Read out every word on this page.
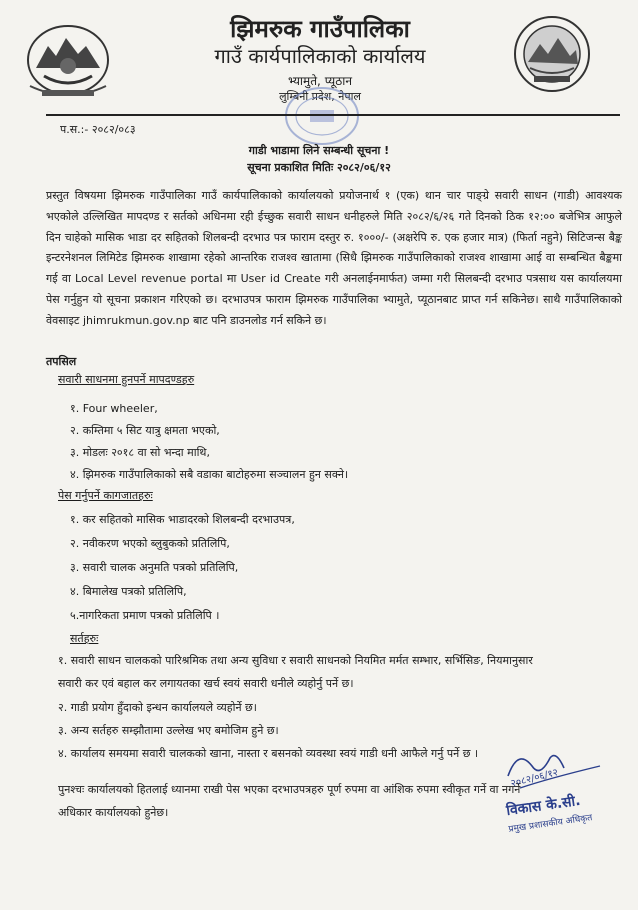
झिमरुक गाउँपालिका
गाउँ कार्यपालिकाको कार्यालय
भ्यामुते, प्यूठान
लुम्बिनी प्रदेश, नेपाल
प.स.:- २०८२/०८३
गाडी भाडामा लिने सम्बन्धी सूचना !
सूचना प्रकाशित मितिः २०८२/०६/१२
प्रस्तुत विषयमा झिमरुक गाउँपालिका गाउँ कार्यपालिकाको कार्यालयको प्रयोजनार्थ १ (एक) थान चार पाङ्ग्रे सवारी साधन (गाडी) आवश्यक भएकोले उल्लिखित मापदण्ड र सर्तको अधिनमा रही ईच्छुक सवारी साधन धनीहरुले मिति २०८२/६/२६ गते दिनको ठिक १२:०० बजेभित्र आफुले दिन चाहेको मासिक भाडा दर सहितको शिलबन्दी दरभाउ पत्र फाराम दस्तुर रु. १०००/- (अक्षरेपि रु. एक हजार मात्र) (फिर्ता नहुने) सिटिजन्स बैङ्क इन्टरनेशनल लिमिटेड झिमरुक शाखामा रहेको आन्तरिक राजश्व खातामा (सिधै झिमरुक गाउँपालिकाको राजश्व शाखामा आई वा सम्बन्धित बैङ्कमा गई वा Local Level revenue portal मा User id Create गरी अनलाईनमार्फत) जम्मा गरी सिलबन्दी दरभाउ पत्रसाथ यस कार्यालयमा पेस गर्नुहुन यो सूचना प्रकाशन गरिएको छ। दरभाउपत्र फाराम झिमरुक गाउँपालिका भ्यामुते, प्यूठानबाट प्राप्त गर्न सकिनेछ। साथै गाउँपालिकाको वेवसाइट jhimrukmun.gov.np बाट पनि डाउनलोड गर्न सकिने छ।
तपसिल
सवारी साधनमा हुनपर्ने मापदण्डहरु
१. Four wheeler,
२. कम्तिमा ५ सिट यात्रु क्षमता भएको,
३. मोडलः २०१८ वा सो भन्दा माथि,
४. झिमरुक गाउँपालिकाको सबै वडाका बाटोहरुमा सञ्चालन हुन सक्ने।
पेस गर्नुपर्ने कागजातहरुः
१. कर सहितको मासिक भाडादरको शिलबन्दी दरभाउपत्र,
२. नवीकरण भएको ब्लुबुकको प्रतिलिपि,
३. सवारी चालक अनुमति पत्रको प्रतिलिपि,
४. बिमालेख पत्रको प्रतिलिपि,
५.नागरिकता प्रमाण पत्रको प्रतिलिपि ।
सर्तहरुः
१. सवारी साधन चालकको पारिश्रमिक तथा अन्य सुविधा र सवारी साधनको नियमित मर्मत सम्भार, सर्भिसिङ, नियमानुसार
सवारी कर एवं बहाल कर लगायतका खर्च स्वयं सवारी धनीले व्यहोर्नु पर्ने छ।
२. गाडी प्रयोग हुँदाको इन्धन कार्यालयले व्यहोर्ने छ।
३. अन्य सर्तहरु सम्झौतामा उल्लेख भए बमोजिम हुने छ।
४. कार्यालय समयमा सवारी चालकको खाना, नास्ता र बसनको व्यवस्था स्वयं गाडी धनी आफैले गर्नु पर्ने छ ।
पुनश्चः कार्यालयको हितलाई ध्यानमा राखी पेस भएका दरभाउपत्रहरु पूर्ण रुपमा वा आंशिक रुपमा स्वीकृत गर्ने वा नगर्ने
अधिकार कार्यालयको हुनेछ।
२०८२/०६/१२
विकास के.सी.
प्रमुख प्रशासकीय अधिकृत
